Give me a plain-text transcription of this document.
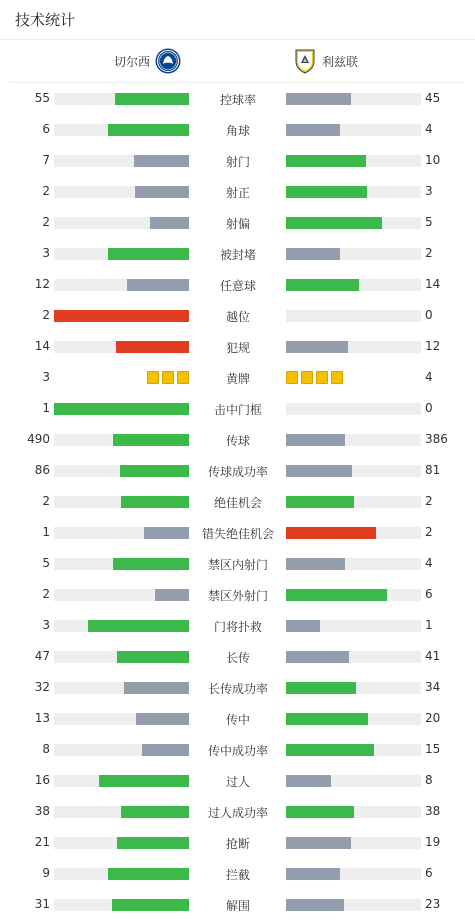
技术统计
切尔西	利兹联
55	控球率	45
6	角球	4
7	射门	10
2	射正	3
2	射偏	5
3	被封堵	2
12	任意球	14
2	越位	0
14	犯规	12
3	黄牌	4
1	击中门框	0
490	传球	386
86	传球成功率	81
2	绝佳机会	2
1	错失绝佳机会	2
5	禁区内射门	4
2	禁区外射门	6
3	门将扑救	1
47	长传	41
32	长传成功率	34
13	传中	20
8	传中成功率	15
16	过人	8
38	过人成功率	38
21	抢断	19
9	拦截	6
31	解围	23
